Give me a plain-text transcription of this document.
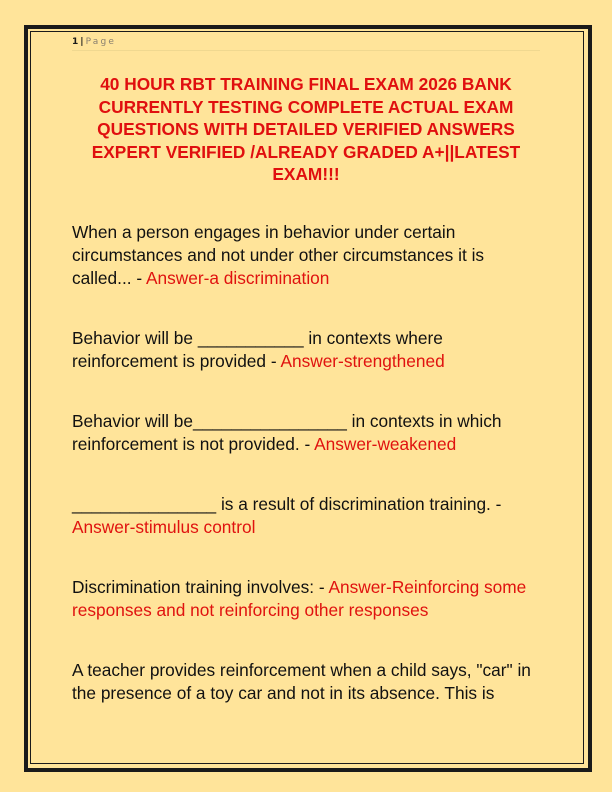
1 | Page
40 HOUR RBT TRAINING FINAL EXAM 2026 BANK
CURRENTLY TESTING COMPLETE ACTUAL EXAM
QUESTIONS WITH DETAILED VERIFIED ANSWERS
EXPERT VERIFIED /ALREADY GRADED A+||LATEST
EXAM!!!
When a person engages in behavior under certain circumstances and not under other circumstances it is called... - Answer-a discrimination
Behavior will be ___________ in contexts where reinforcement is provided - Answer-strengthened
Behavior will be________________ in contexts in which reinforcement is not provided. - Answer-weakened
_______________ is a result of discrimination training. - Answer-stimulus control
Discrimination training involves: - Answer-Reinforcing some responses and not reinforcing other responses
A teacher provides reinforcement when a child says, "car" in the presence of a toy car and not in its absence. This is
